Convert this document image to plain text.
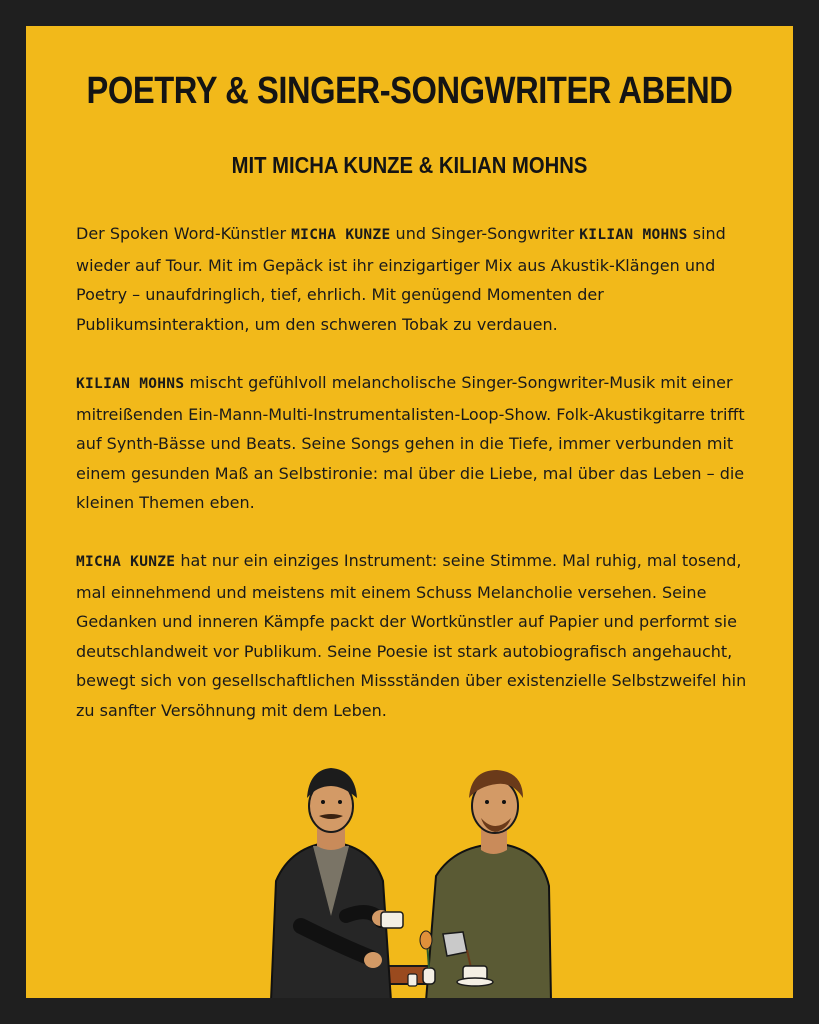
POETRY & SINGER-SONGWRITER ABEND
MIT MICHA KUNZE & KILIAN MOHNS

Der Spoken Word-Künstler MICHA KUNZE und Singer-Songwriter KILIAN MOHNS sind wieder auf Tour. Mit im Gepäck ist ihr einzigartiger Mix aus Akustik-Klängen und Poetry – unaufdringlich, tief, ehrlich. Mit genügend Momenten der Publikumsinteraktion, um den schweren Tobak zu verdauen.

KILIAN MOHNS mischt gefühlvoll melancholische Singer-Songwriter-Musik mit einer mitreißenden Ein-Mann-Multi-Instrumentalisten-Loop-Show. Folk-Akustikgitarre trifft auf Synth-Bässe und Beats. Seine Songs gehen in die Tiefe, immer verbunden mit einem gesunden Maß an Selbstironie: mal über die Liebe, mal über das Leben – die kleinen Themen eben.

MICHA KUNZE hat nur ein einziges Instrument: seine Stimme. Mal ruhig, mal tosend, mal einnehmend und meistens mit einem Schuss Melancholie versehen. Seine Gedanken und inneren Kämpfe packt der Wortkünstler auf Papier und performt sie deutschlandweit vor Publikum. Seine Poesie ist stark autobiografisch angehaucht, bewegt sich von gesellschaftlichen Missständen über existenzielle Selbstzweifel hin zu sanfter Versöhnung mit dem Leben.
